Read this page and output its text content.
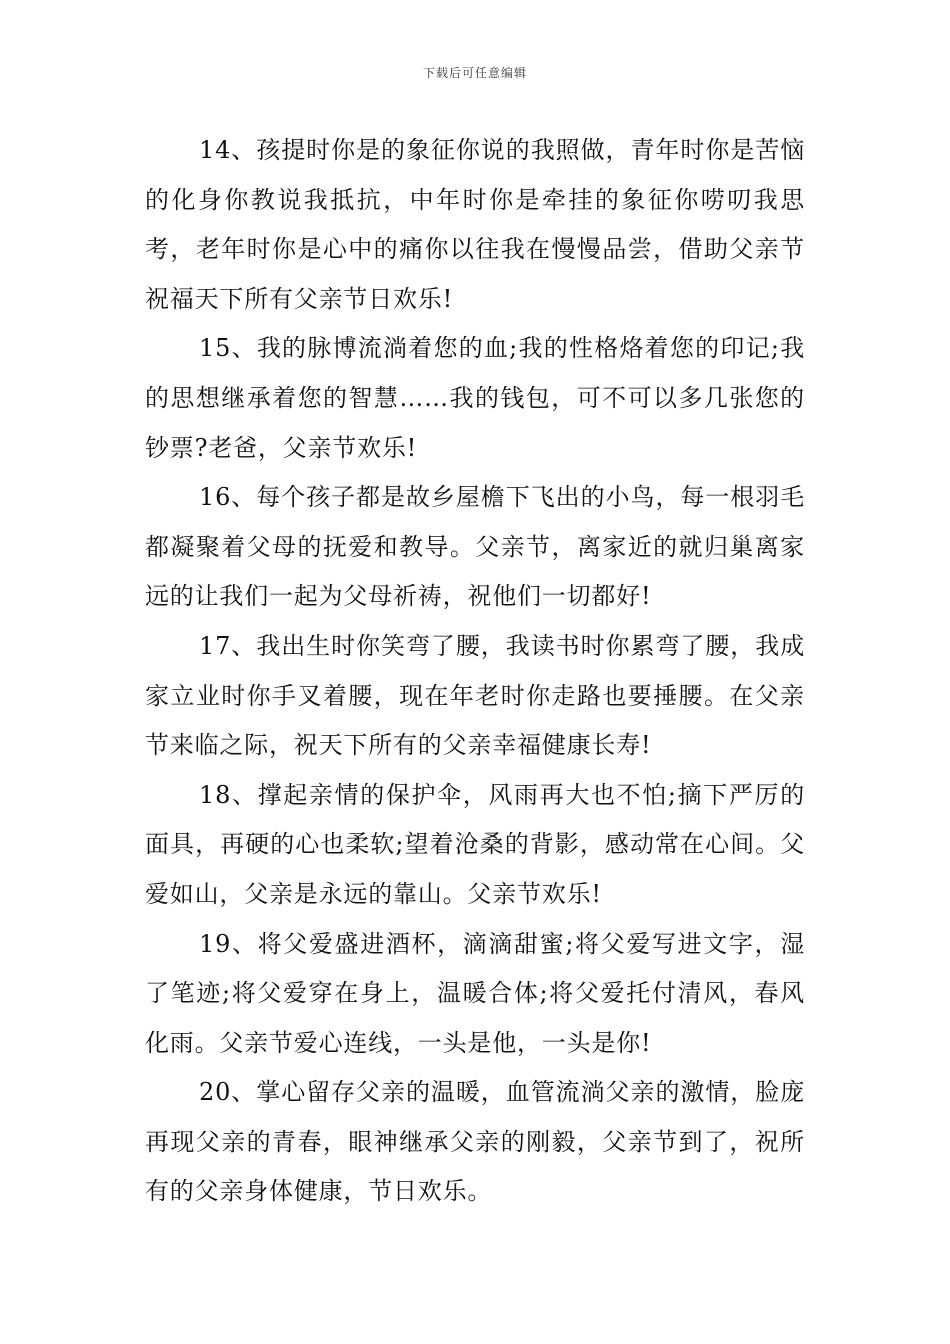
下载后可任意编辑

14、孩提时你是的象征你说的我照做，青年时你是苦恼的化身你教说我抵抗，中年时你是牵挂的象征你唠叨我思考，老年时你是心中的痛你以往我在慢慢品尝，借助父亲节祝福天下所有父亲节日欢乐!

15、我的脉博流淌着您的血;我的性格烙着您的印记;我的思想继承着您的智慧……我的钱包，可不可以多几张您的钞票?老爸，父亲节欢乐!

16、每个孩子都是故乡屋檐下飞出的小鸟，每一根羽毛都凝聚着父母的抚爱和教导。父亲节，离家近的就归巢离家远的让我们一起为父母祈祷，祝他们一切都好!

17、我出生时你笑弯了腰，我读书时你累弯了腰，我成家立业时你手叉着腰，现在年老时你走路也要捶腰。在父亲节来临之际，祝天下所有的父亲幸福健康长寿!

18、撑起亲情的保护伞，风雨再大也不怕;摘下严厉的面具，再硬的心也柔软;望着沧桑的背影，感动常在心间。父爱如山，父亲是永远的靠山。父亲节欢乐!

19、将父爱盛进酒杯，滴滴甜蜜;将父爱写进文字，湿了笔迹;将父爱穿在身上，温暖合体;将父爱托付清风，春风化雨。父亲节爱心连线，一头是他，一头是你!

20、掌心留存父亲的温暖，血管流淌父亲的激情，脸庞再现父亲的青春，眼神继承父亲的刚毅，父亲节到了，祝所有的父亲身体健康，节日欢乐。
